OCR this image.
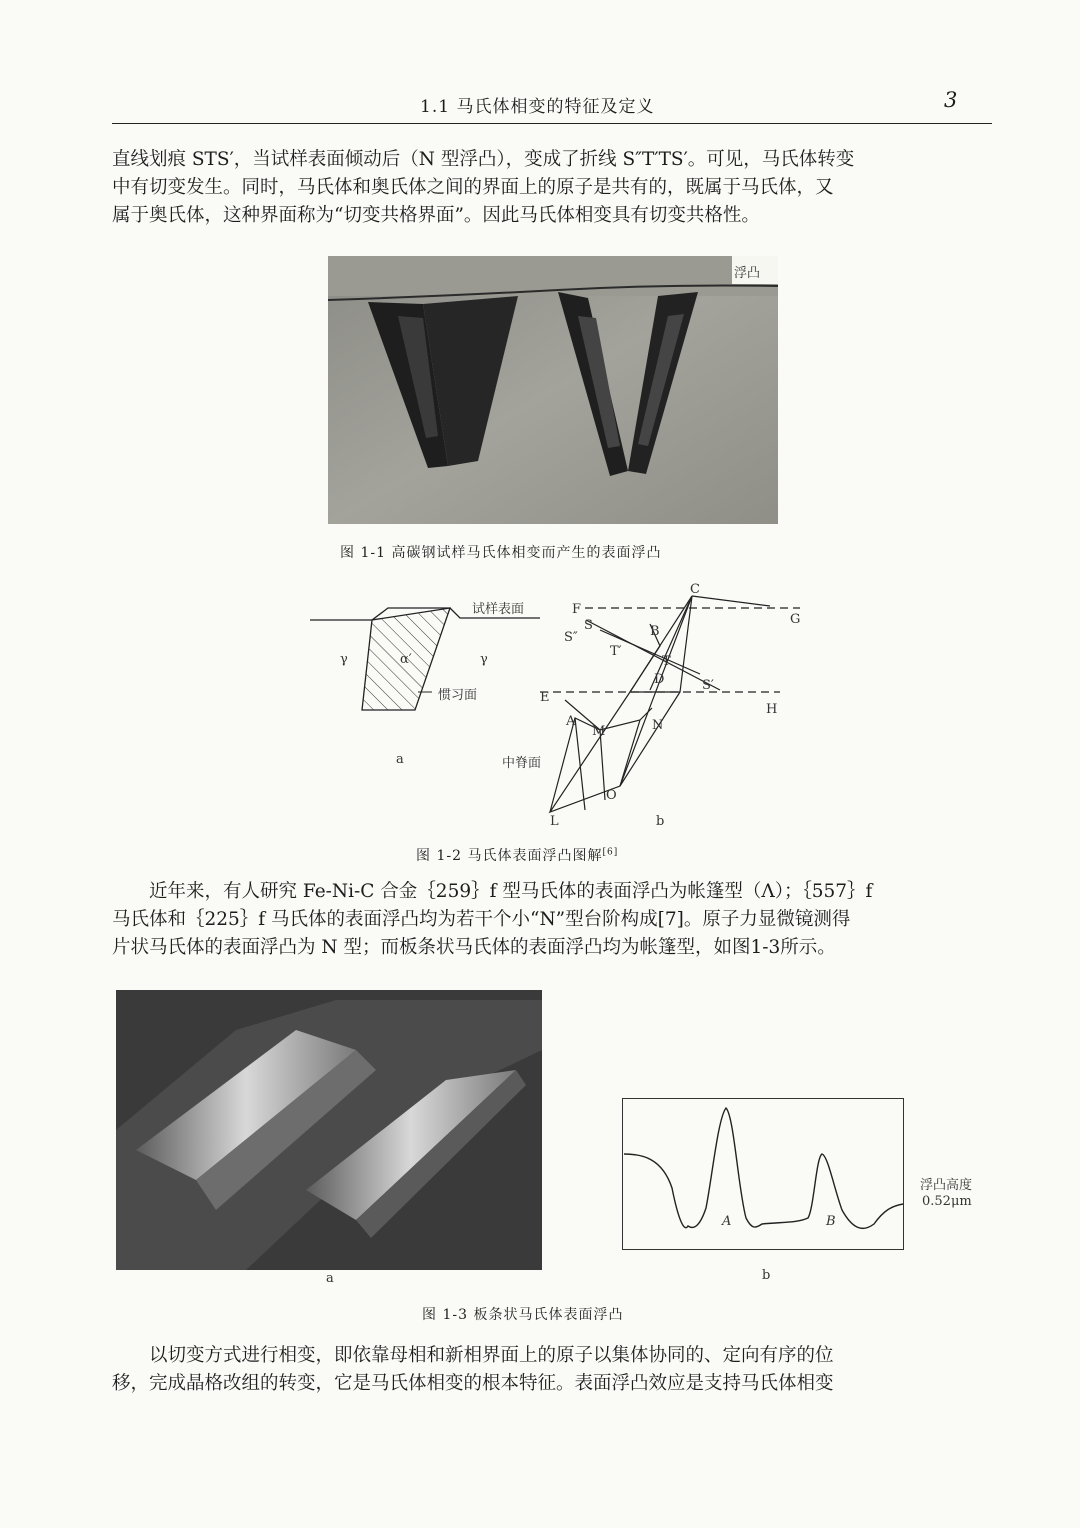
1.1 马氏体相变的特征及定义	3

直线划痕 STS′，当试样表面倾动后（N 型浮凸），变成了折线 S″T′TS′。可见，马氏体转变

中有切变发生。同时，马氏体和奥氏体之间的界面上的原子是共有的，既属于马氏体，又

属于奥氏体，这种界面称为“切变共格界面”。因此马氏体相变具有切变共格性。

浮凸
图 1-1 高碳钢试样马氏体相变而产生的表面浮凸
试样表面
γ	α′	γ
惯习面
a
C
F
G
S
S″	B
T′
T
D	S′
E
H
A
M	N
O
L
中脊面
b
图 1-2 马氏体表面浮凸图解[6]

近年来，有人研究 Fe-Ni-C 合金｛259｝f 型马氏体的表面浮凸为帐篷型（Λ）；｛557｝f

马氏体和｛225｝f 马氏体的表面浮凸均为若干个小“N”型台阶构成[7]。原子力显微镜测得

片状马氏体的表面浮凸为 N 型；而板条状马氏体的表面浮凸均为帐篷型，如图1-3所示。

a
A	B
浮凸高度
0.52μm
b
图 1-3 板条状马氏体表面浮凸

以切变方式进行相变，即依靠母相和新相界面上的原子以集体协同的、定向有序的位

移，完成晶格改组的转变，它是马氏体相变的根本特征。表面浮凸效应是支持马氏体相变
